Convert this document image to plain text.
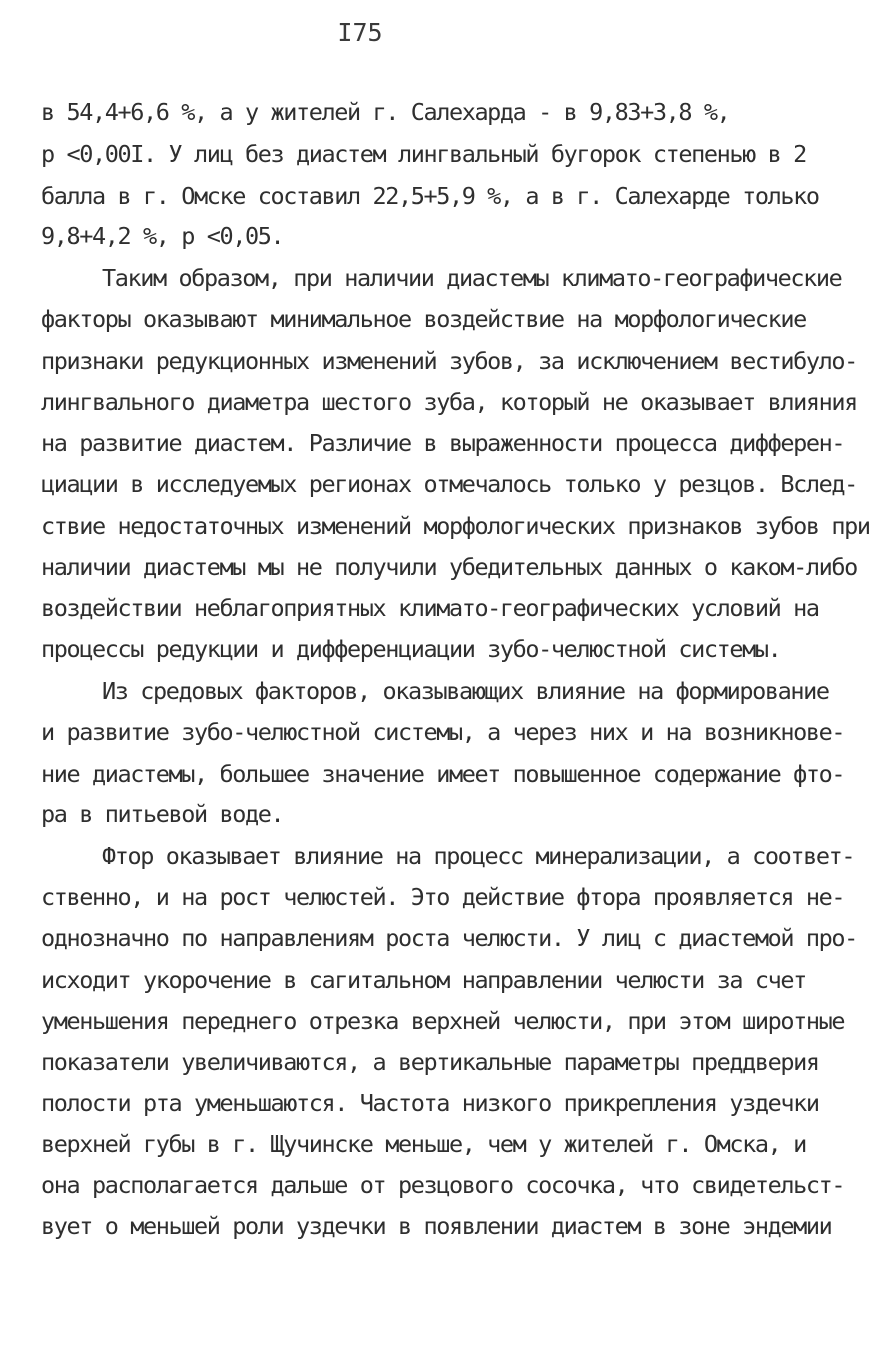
I75
в 54,4+6,6 %, а у жителей г. Салехарда - в 9,83+3,8 %,
р <0,00I. У лиц без диастем лингвальный бугорок степенью в 2
балла в г. Омске составил 22,5+5,9 %, а в г. Салехарде только
9,8+4,2 %, р <0,05.
Таким образом, при наличии диастемы климато-географические
факторы оказывают минимальное воздействие на морфологические
признаки редукционных изменений зубов, за исключением вестибуло-
лингвального диаметра шестого зуба, который не оказывает влияния
на развитие диастем. Различие в выраженности процесса дифферен-
циации в исследуемых регионах отмечалось только у резцов. Вслед-
ствие недостаточных изменений морфологических признаков зубов при
наличии диастемы мы не получили убедительных данных о каком-либо
воздействии неблагоприятных климато-географических условий на
процессы редукции и дифференциации зубо-челюстной системы.
Из средовых факторов, оказывающих влияние на формирование
и развитие зубо-челюстной системы, а через них и на возникнове-
ние диастемы, большее значение имеет повышенное содержание фто-
ра в питьевой воде.
Фтор оказывает влияние на процесс минерализации, а соответ-
ственно, и на рост челюстей. Это действие фтора проявляется не-
однозначно по направлениям роста челюсти. У лиц с диастемой про-
исходит укорочение в сагитальном направлении челюсти за счет
уменьшения переднего отрезка верхней челюсти, при этом широтные
показатели увеличиваются, а вертикальные параметры преддверия
полости рта уменьшаются. Частота низкого прикрепления уздечки
верхней губы в г. Щучинске меньше, чем у жителей г. Омска, и
она располагается дальше от резцового сосочка, что свидетельст-
вует о меньшей роли уздечки в появлении диастем в зоне эндемии
